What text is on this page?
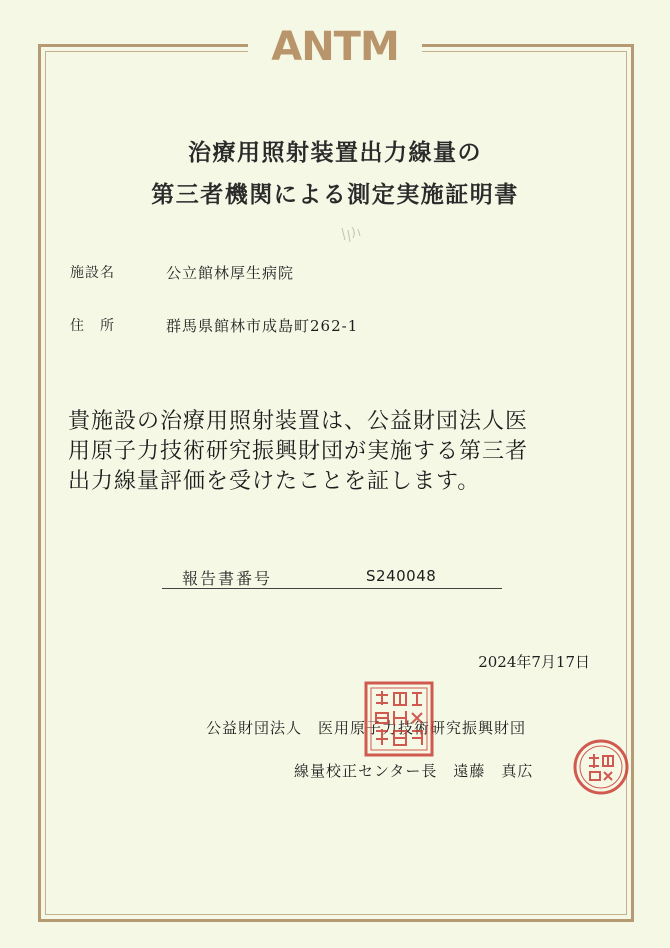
ANTM
治療用照射装置出力線量の
第三者機関による測定実施証明書
施設名	公立館林厚生病院
住　所	群馬県館林市成島町262-1
貴施設の治療用照射装置は、公益財団法人医
用原子力技術研究振興財団が実施する第三者
出力線量評価を受けたことを証します。
報告書番号	S240048
2024年7月17日
公益財団法人　医用原子力技術研究振興財団
線量校正センター長　遠藤　真広
